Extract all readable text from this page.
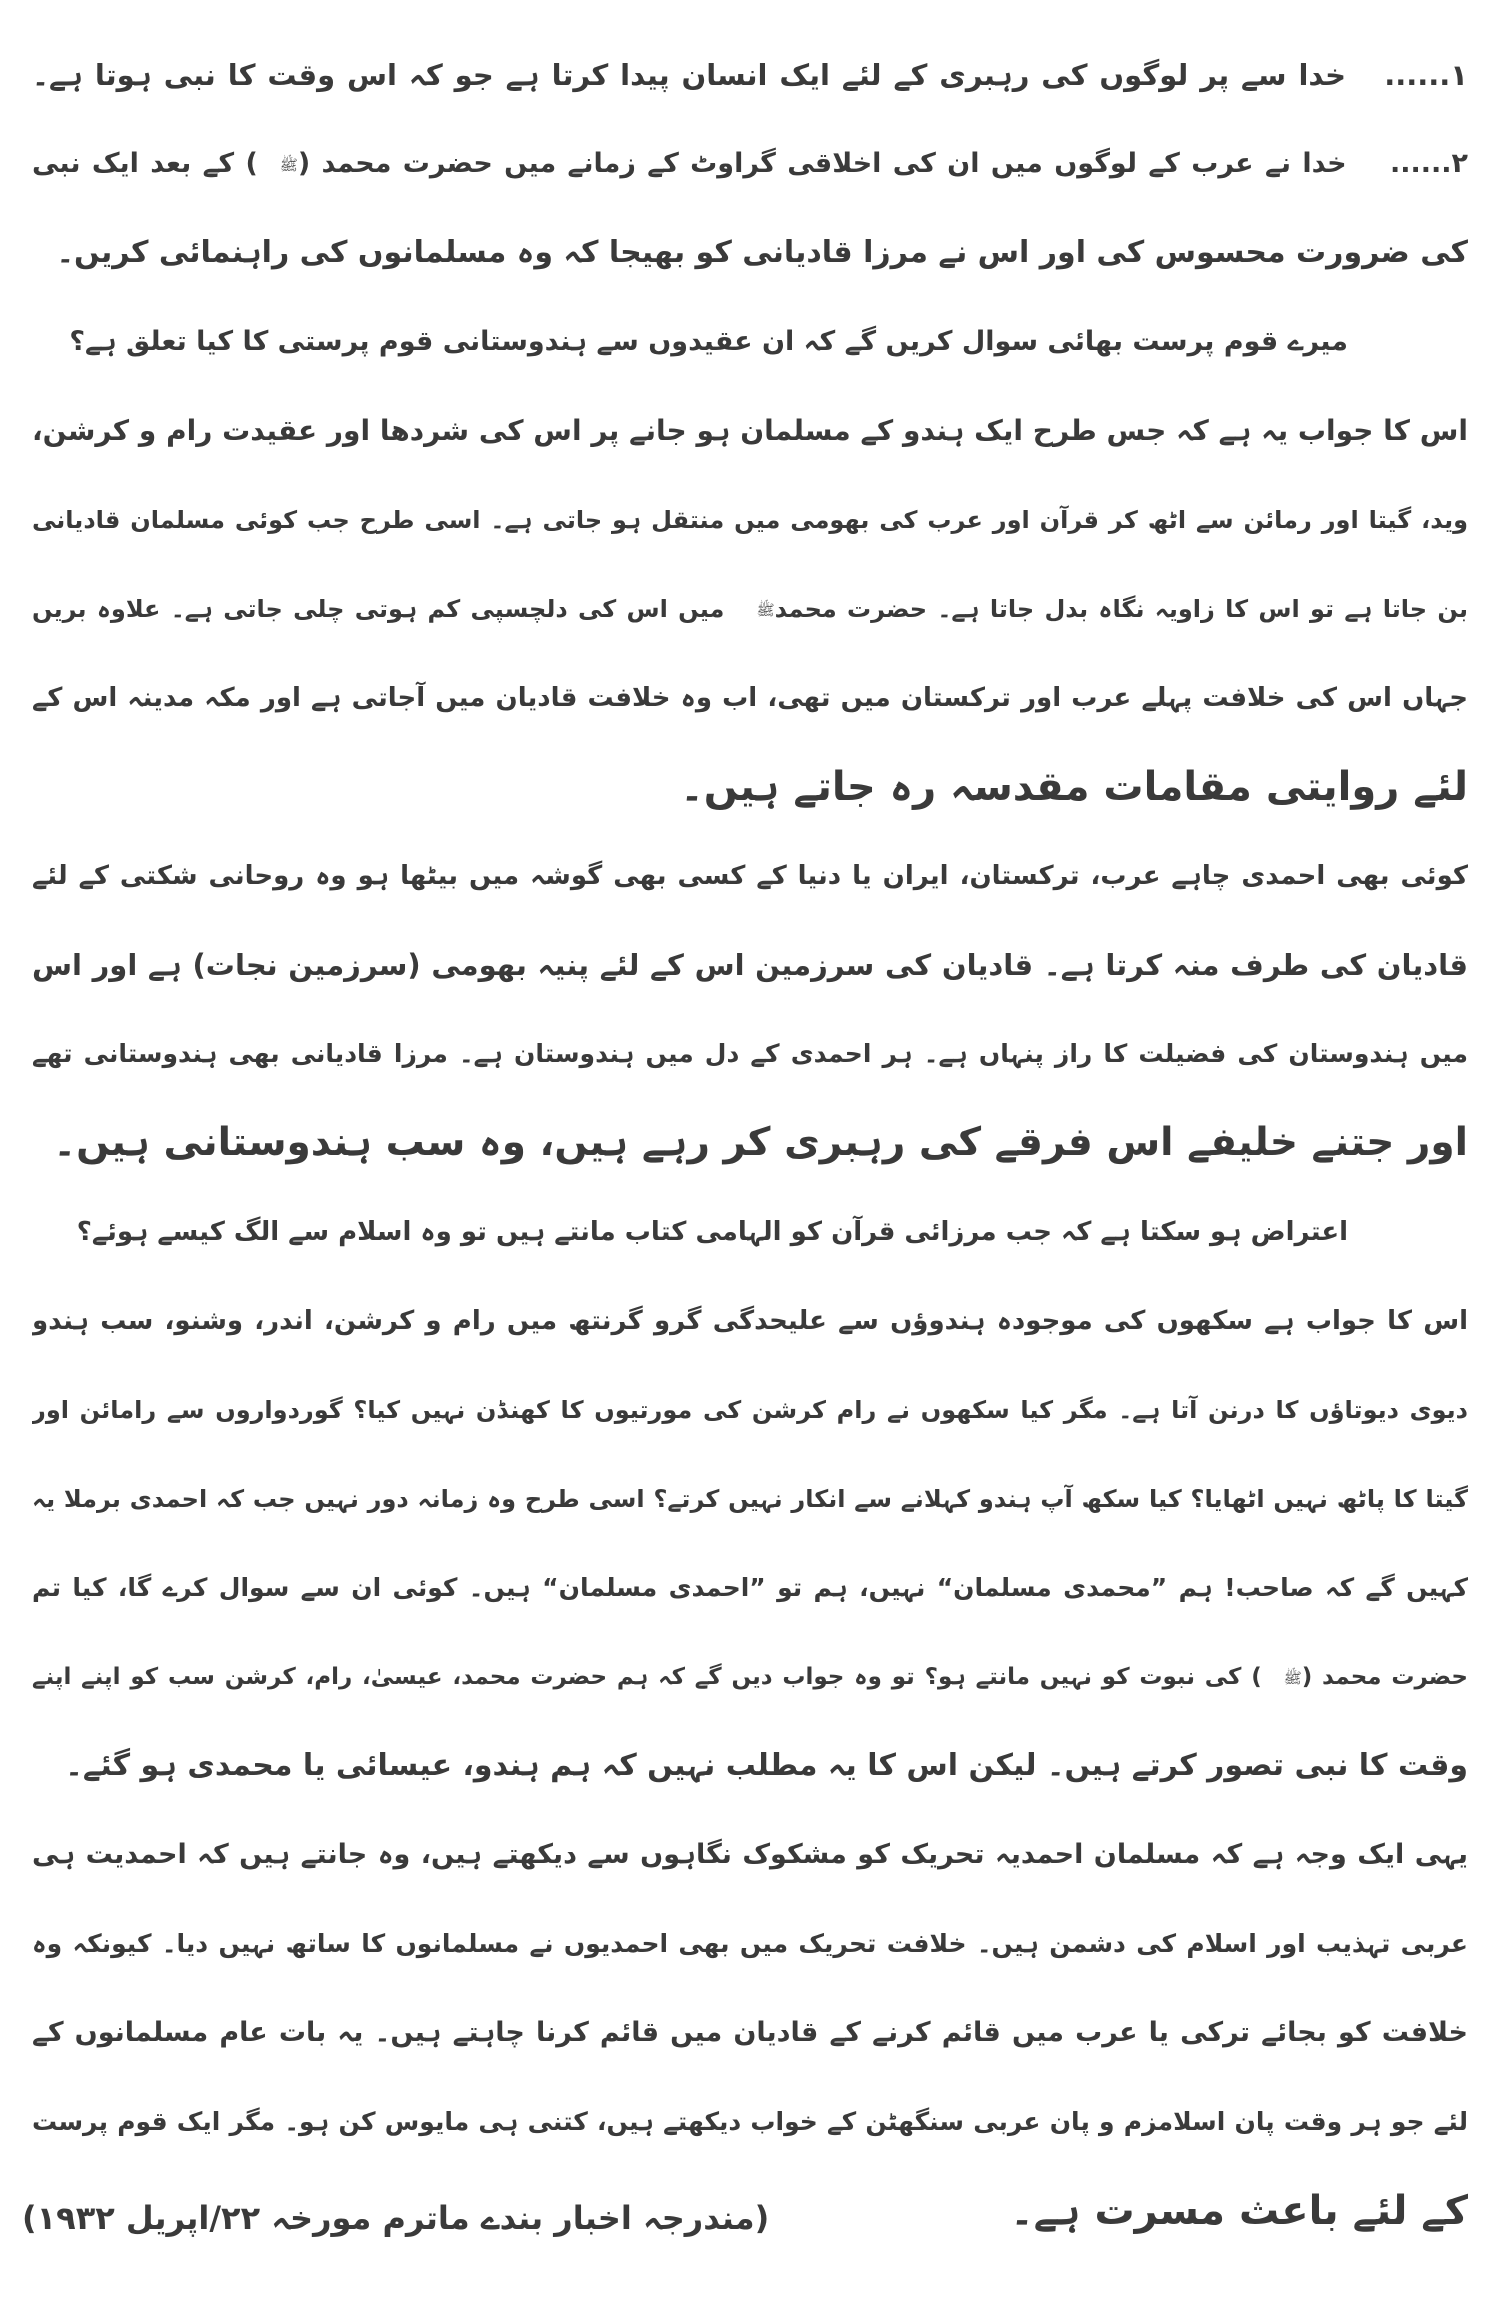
۱...... خدا سے پر لوگوں کی رہبری کے لئے ایک انسان پیدا کرتا ہے جو کہ اس وقت کا نبی ہوتا ہے۔
۲...... خدا نے عرب کے لوگوں میں ان کی اخلاقی گراوٹ کے زمانے میں حضرت محمد (ﷺ) کے بعد ایک نبی
کی ضرورت محسوس کی اور اس نے مرزا قادیانی کو بھیجا کہ وہ مسلمانوں کی راہنمائی کریں۔
میرے قوم پرست بھائی سوال کریں گے کہ ان عقیدوں سے ہندوستانی قوم پرستی کا کیا تعلق ہے؟
اس کا جواب یہ ہے کہ جس طرح ایک ہندو کے مسلمان ہو جانے پر اس کی شردھا اور عقیدت رام و کرشن،
وید، گیتا اور رمائن سے اٹھ کر قرآن اور عرب کی بھومی میں منتقل ہو جاتی ہے۔ اسی طرح جب کوئی مسلمان قادیانی
بن جاتا ہے تو اس کا زاویہ نگاہ بدل جاتا ہے۔ حضرت محمدﷺ میں اس کی دلچسپی کم ہوتی چلی جاتی ہے۔ علاوہ بریں
جہاں اس کی خلافت پہلے عرب اور ترکستان میں تھی، اب وہ خلافت قادیان میں آجاتی ہے اور مکہ مدینہ اس کے
لئے روایتی مقامات مقدسہ رہ جاتے ہیں۔
کوئی بھی احمدی چاہے عرب، ترکستان، ایران یا دنیا کے کسی بھی گوشہ میں بیٹھا ہو وہ روحانی شکتی کے لئے
قادیان کی طرف منہ کرتا ہے۔ قادیان کی سرزمین اس کے لئے پنیہ بھومی (سرزمین نجات) ہے اور اس
میں ہندوستان کی فضیلت کا راز پنہاں ہے۔ ہر احمدی کے دل میں ہندوستان ہے۔ مرزا قادیانی بھی ہندوستانی تھے
اور جتنے خلیفے اس فرقے کی رہبری کر رہے ہیں، وہ سب ہندوستانی ہیں۔
اعتراض ہو سکتا ہے کہ جب مرزائی قرآن کو الہامی کتاب مانتے ہیں تو وہ اسلام سے الگ کیسے ہوئے؟
اس کا جواب ہے سکھوں کی موجودہ ہندوؤں سے علیحدگی گرو گرنتھ میں رام و کرشن، اندر، وشنو، سب ہندو
دیوی دیوتاؤں کا درنن آتا ہے۔ مگر کیا سکھوں نے رام کرشن کی مورتیوں کا کھنڈن نہیں کیا؟ گوردواروں سے رامائن اور
گیتا کا پاٹھ نہیں اٹھایا؟ کیا سکھ آپ ہندو کہلانے سے انکار نہیں کرتے؟ اسی طرح وہ زمانہ دور نہیں جب کہ احمدی برملا یہ
کہیں گے کہ صاحب! ہم ”محمدی مسلمان“ نہیں، ہم تو ”احمدی مسلمان“ ہیں۔ کوئی ان سے سوال کرے گا، کیا تم
حضرت محمد (ﷺ) کی نبوت کو نہیں مانتے ہو؟ تو وہ جواب دیں گے کہ ہم حضرت محمد، عیسیٰ، رام، کرشن سب کو اپنے اپنے
وقت کا نبی تصور کرتے ہیں۔ لیکن اس کا یہ مطلب نہیں کہ ہم ہندو، عیسائی یا محمدی ہو گئے۔
یہی ایک وجہ ہے کہ مسلمان احمدیہ تحریک کو مشکوک نگاہوں سے دیکھتے ہیں، وہ جانتے ہیں کہ احمدیت ہی
عربی تہذیب اور اسلام کی دشمن ہیں۔ خلافت تحریک میں بھی احمدیوں نے مسلمانوں کا ساتھ نہیں دیا۔ کیونکہ وہ
خلافت کو بجائے ترکی یا عرب میں قائم کرنے کے قادیان میں قائم کرنا چاہتے ہیں۔ یہ بات عام مسلمانوں کے
لئے جو ہر وقت پان اسلامزم و پان عربی سنگھٹن کے خواب دیکھتے ہیں، کتنی ہی مایوس کن ہو۔ مگر ایک قوم پرست
کے لئے باعث مسرت ہے۔
(مندرجہ اخبار بندے ماترم مورخہ ۲۲/اپریل ۱۹۳۲)
